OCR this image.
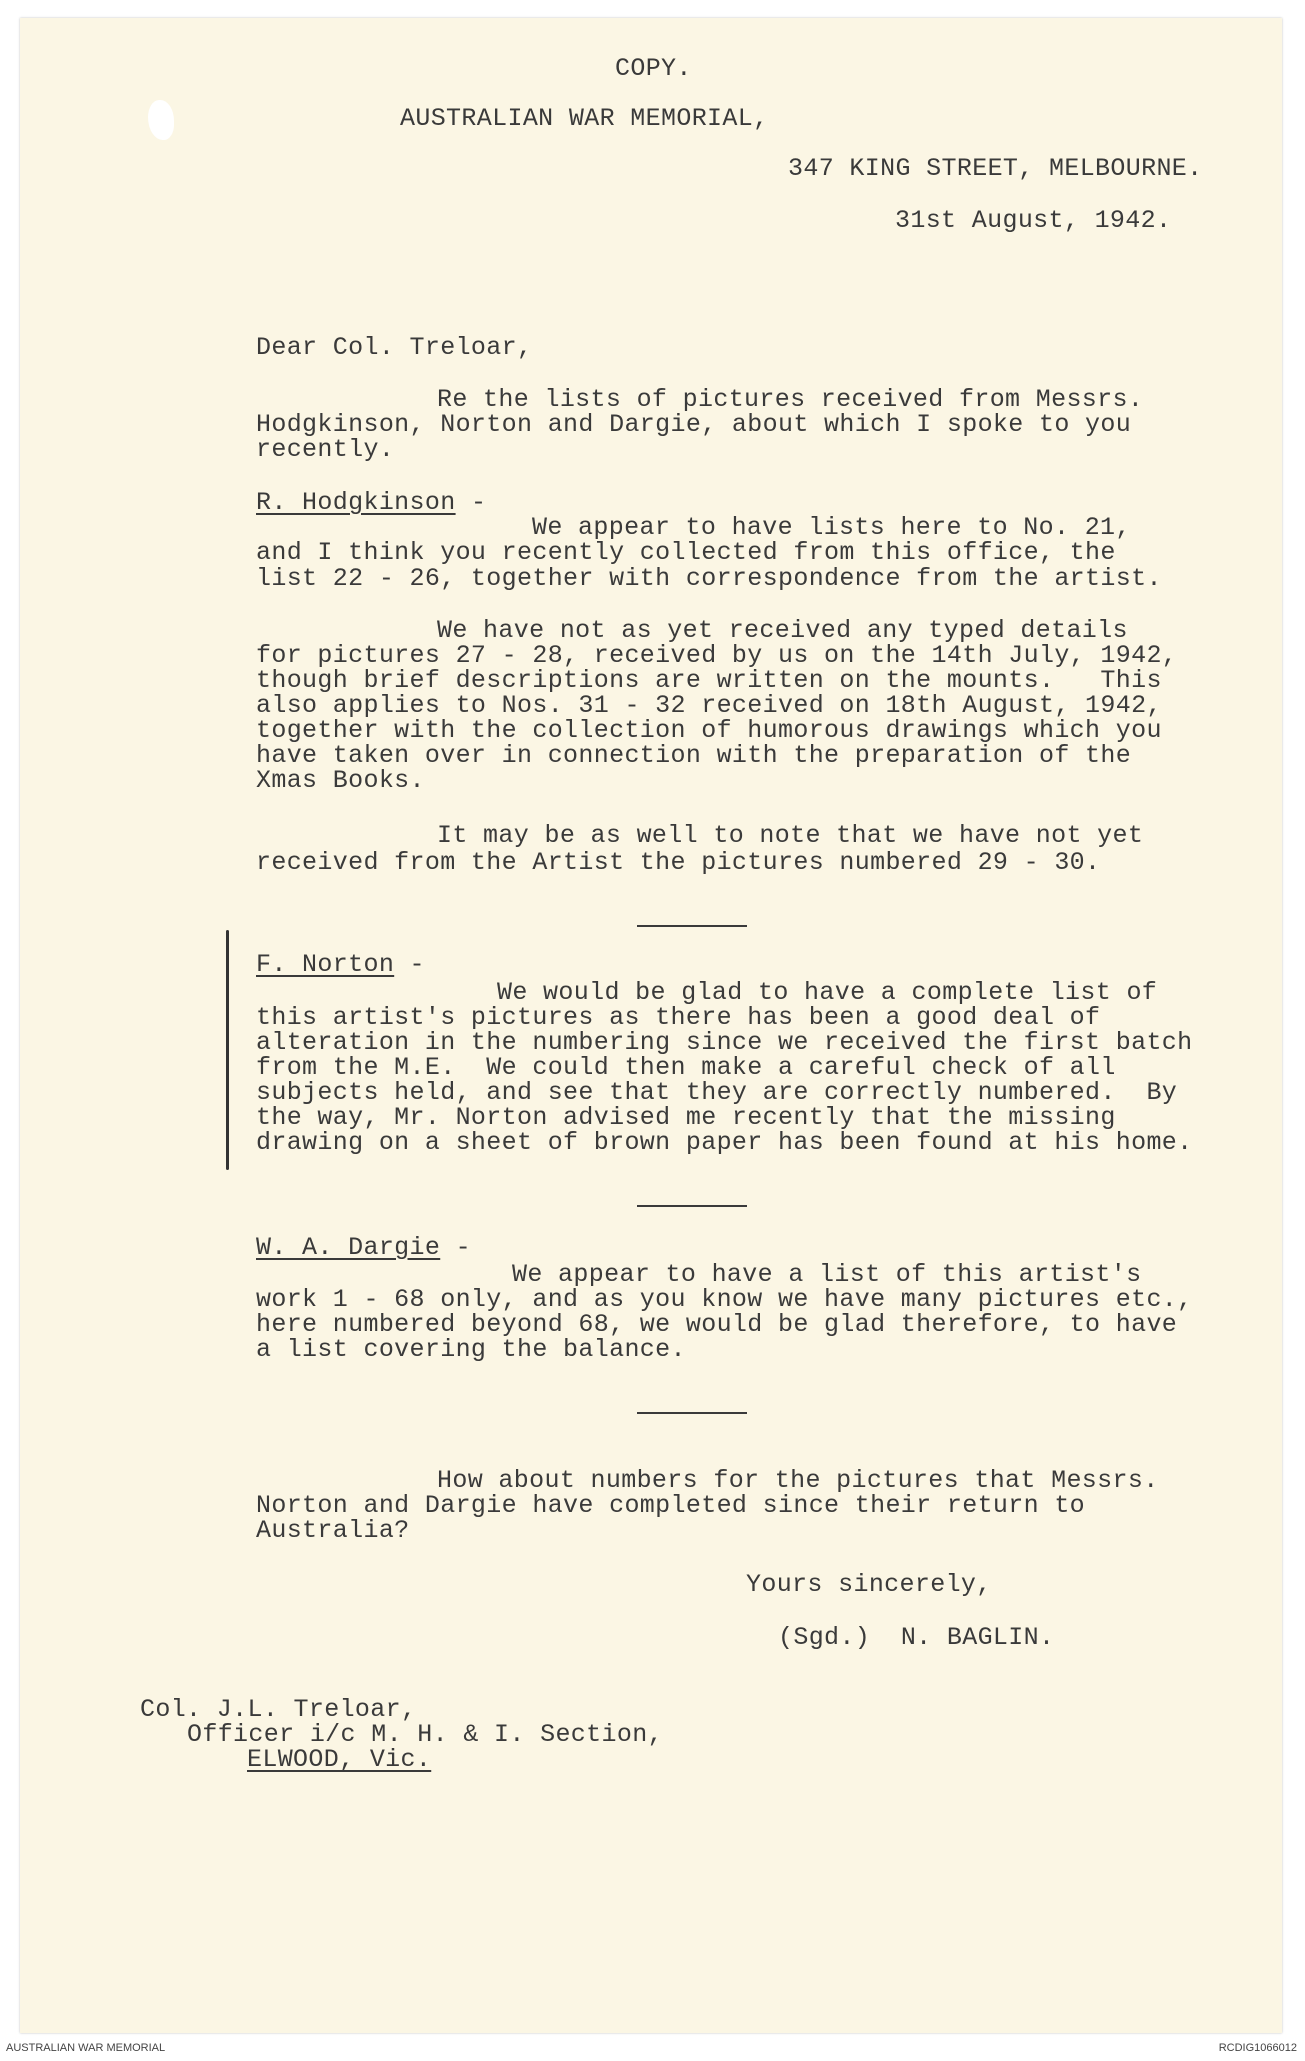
COPY.
AUSTRALIAN WAR MEMORIAL,
347 KING STREET, MELBOURNE.
31st August, 1942.
Dear Col. Treloar,
Re the lists of pictures received from Messrs.
Hodgkinson, Norton and Dargie, about which I spoke to you
recently.
R. Hodgkinson -
We appear to have lists here to No. 21,
and I think you recently collected from this office, the
list 22 - 26, together with correspondence from the artist.
We have not as yet received any typed details
for pictures 27 - 28, received by us on the 14th July, 1942,
though brief descriptions are written on the mounts.   This
also applies to Nos. 31 - 32 received on 18th August, 1942,
together with the collection of humorous drawings which you
have taken over in connection with the preparation of the
Xmas Books.
It may be as well to note that we have not yet
received from the Artist the pictures numbered 29 - 30.
F. Norton -
We would be glad to have a complete list of
this artist's pictures as there has been a good deal of
alteration in the numbering since we received the first batch
from the M.E.  We could then make a careful check of all
subjects held, and see that they are correctly numbered.  By
the way, Mr. Norton advised me recently that the missing
drawing on a sheet of brown paper has been found at his home.
W. A. Dargie -
We appear to have a list of this artist's
work 1 - 68 only, and as you know we have many pictures etc.,
here numbered beyond 68, we would be glad therefore, to have
a list covering the balance.
How about numbers for the pictures that Messrs.
Norton and Dargie have completed since their return to
Australia?
Yours sincerely,
(Sgd.)  N. BAGLIN.
Col. J.L. Treloar,
Officer i/c M. H. & I. Section,
ELWOOD, Vic.
AUSTRALIAN WAR MEMORIAL	RCDIG1066012
